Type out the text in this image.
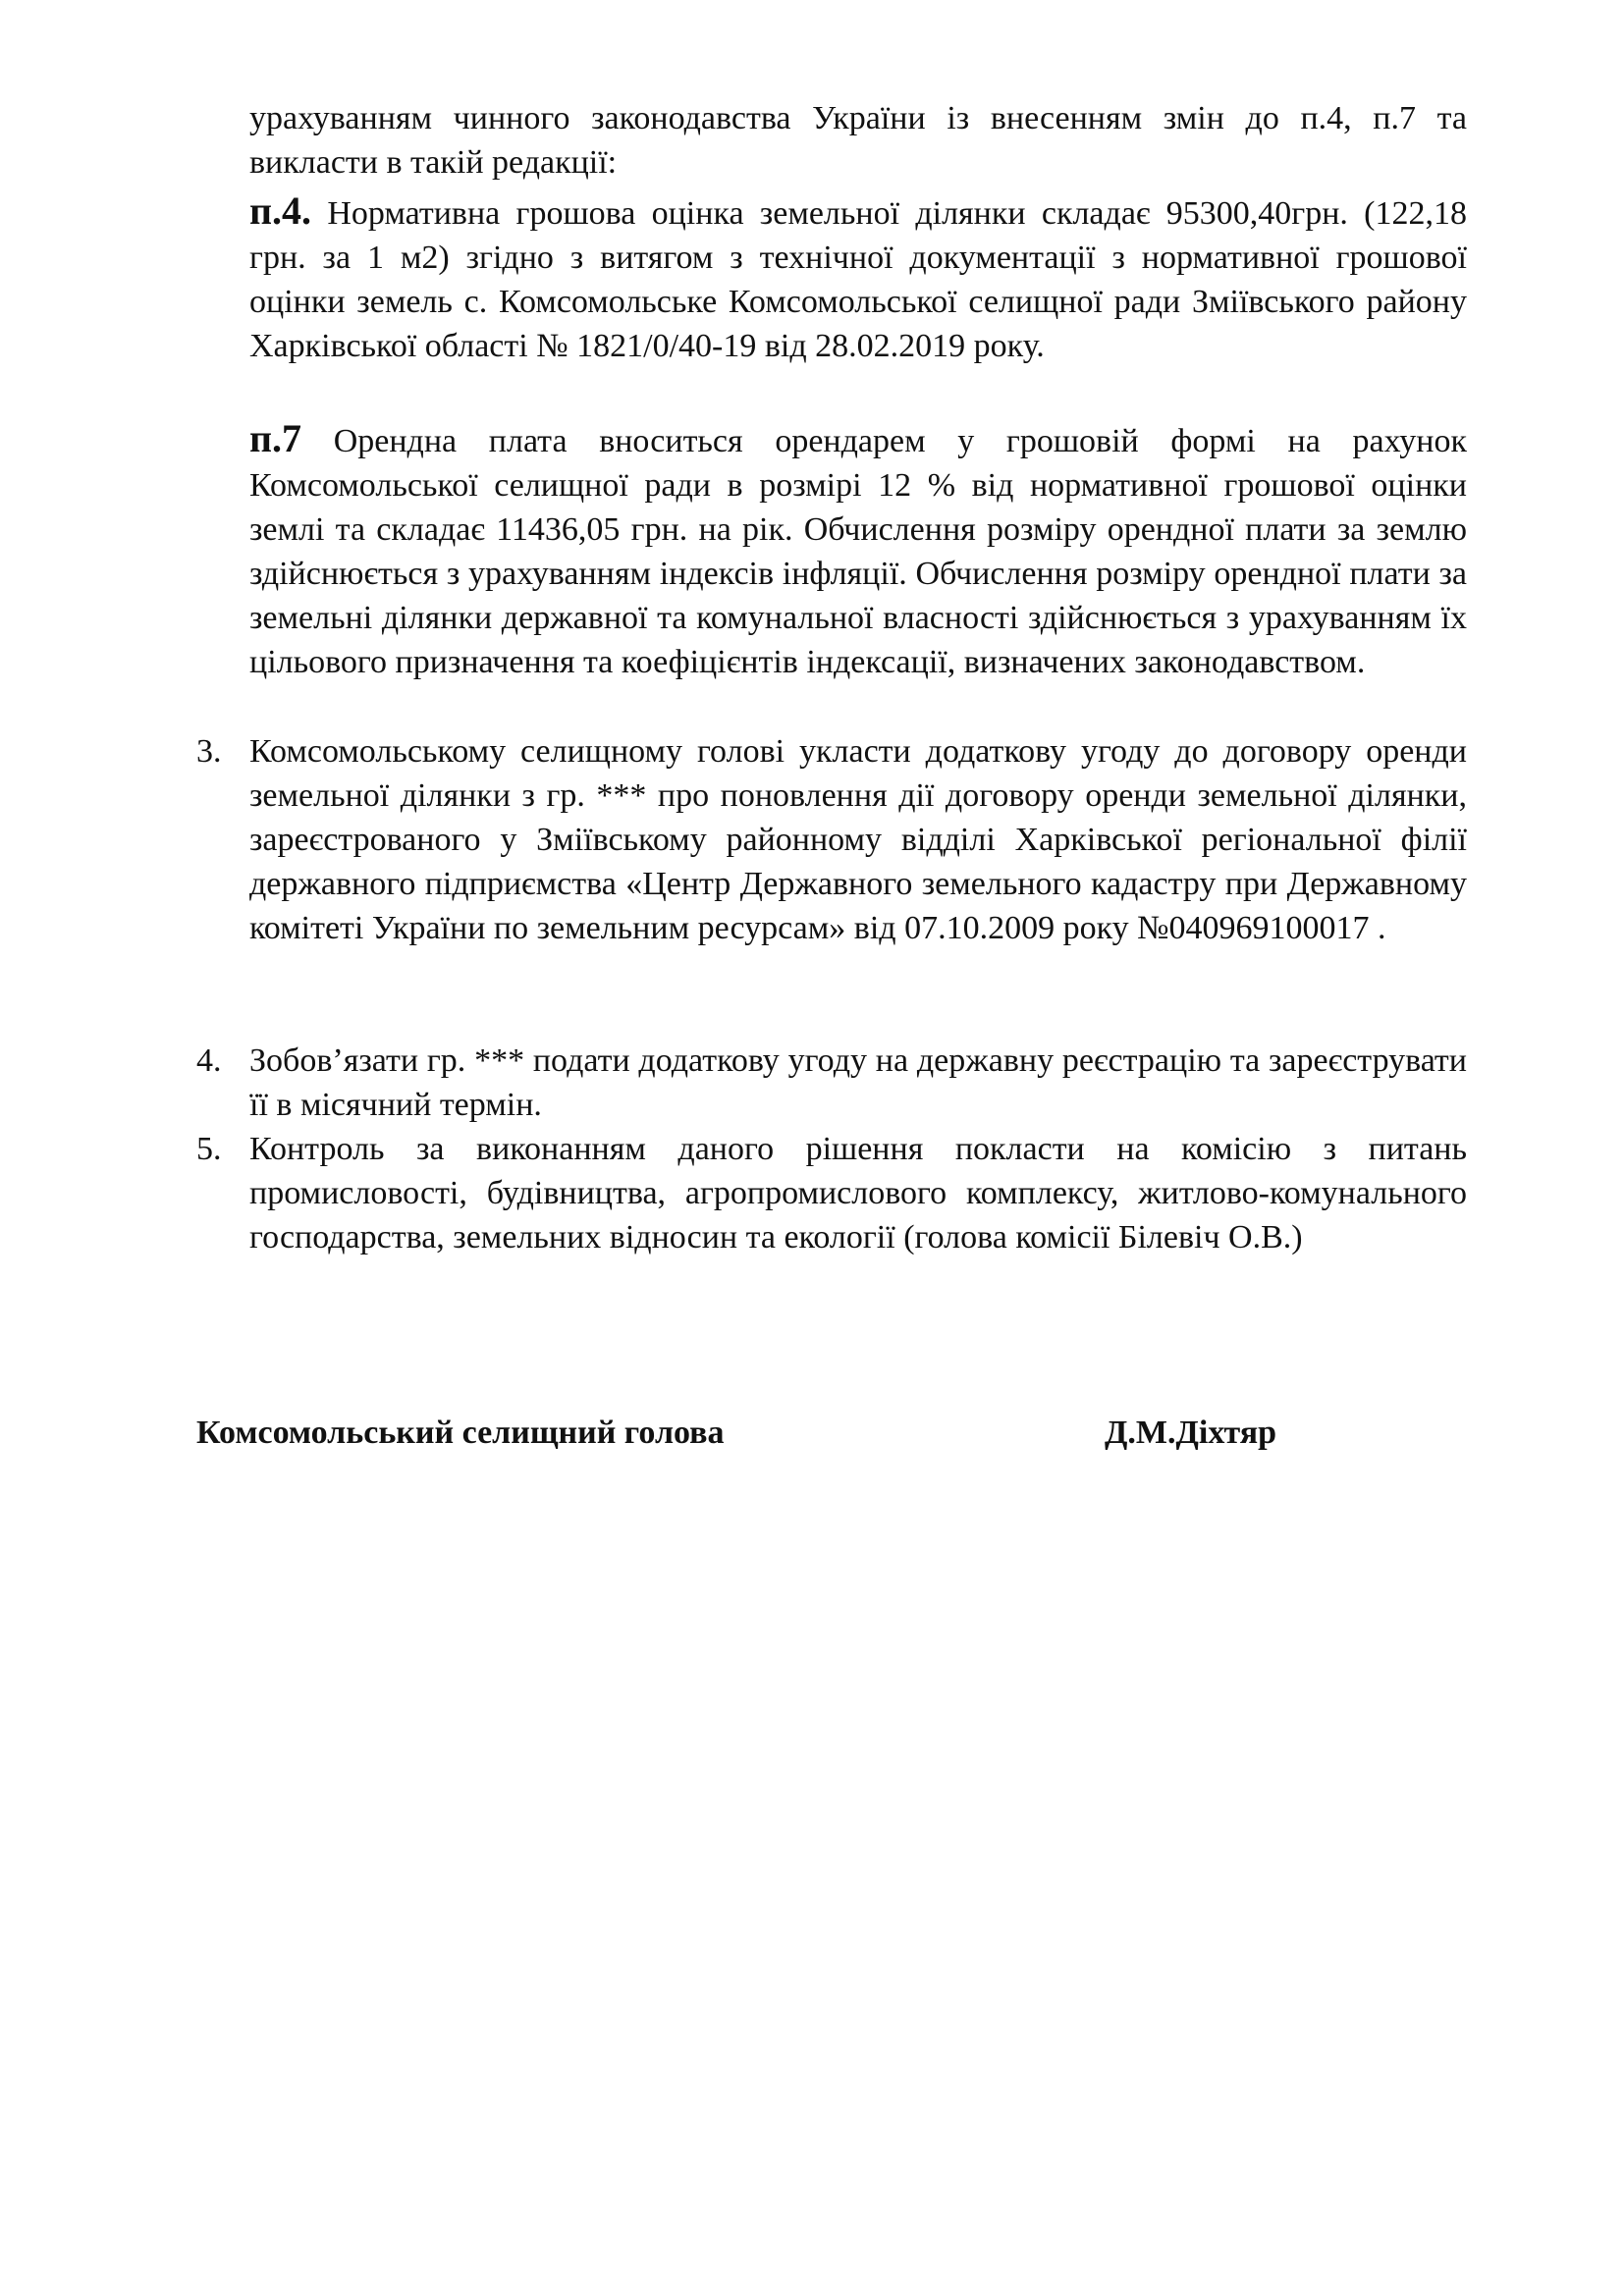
урахуванням чинного законодавства України із внесенням змін до п.4, п.7 та викласти в такій редакції:
п.4. Нормативна грошова оцінка земельної ділянки складає 95300,40грн. (122,18 грн. за 1 м2) згідно з витягом з технічної документації з нормативної грошової оцінки земель с. Комсомольське Комсомольської селищної ради Зміївського району Харківської області № 1821/0/40-19 від 28.02.2019 року.
п.7 Орендна плата вноситься орендарем у грошовій формі на рахунок Комсомольської селищної ради в розмірі 12 % від нормативної грошової оцінки землі та складає 11436,05 грн. на рік. Обчислення розміру орендної плати за землю здійснюється з урахуванням індексів інфляції. Обчислення розміру орендної плати за земельні ділянки державної та комунальної власності здійснюється з урахуванням їх цільового призначення та коефіцієнтів індексації, визначених законодавством.
3. Комсомольському селищному голові укласти додаткову угоду до договору оренди земельної ділянки з гр. *** про поновлення дії договору оренди земельної ділянки, зареєстрованого у Зміївському районному відділі Харківської регіональної філії державного підприємства «Центр Державного земельного кадастру при Державному комітеті України по земельним ресурсам» від 07.10.2009 року №040969100017 .
4. Зобов’язати гр. *** подати додаткову угоду на державну реєстрацію та зареєструвати її в місячний термін.
5. Контроль за виконанням даного рішення покласти на комісію з питань промисловості, будівництва, агропромислового комплексу, житлово-комунального господарства, земельних відносин та екології (голова комісії Білевіч О.В.)
Комсомольський селищний голова	Д.М.Діхтяр
